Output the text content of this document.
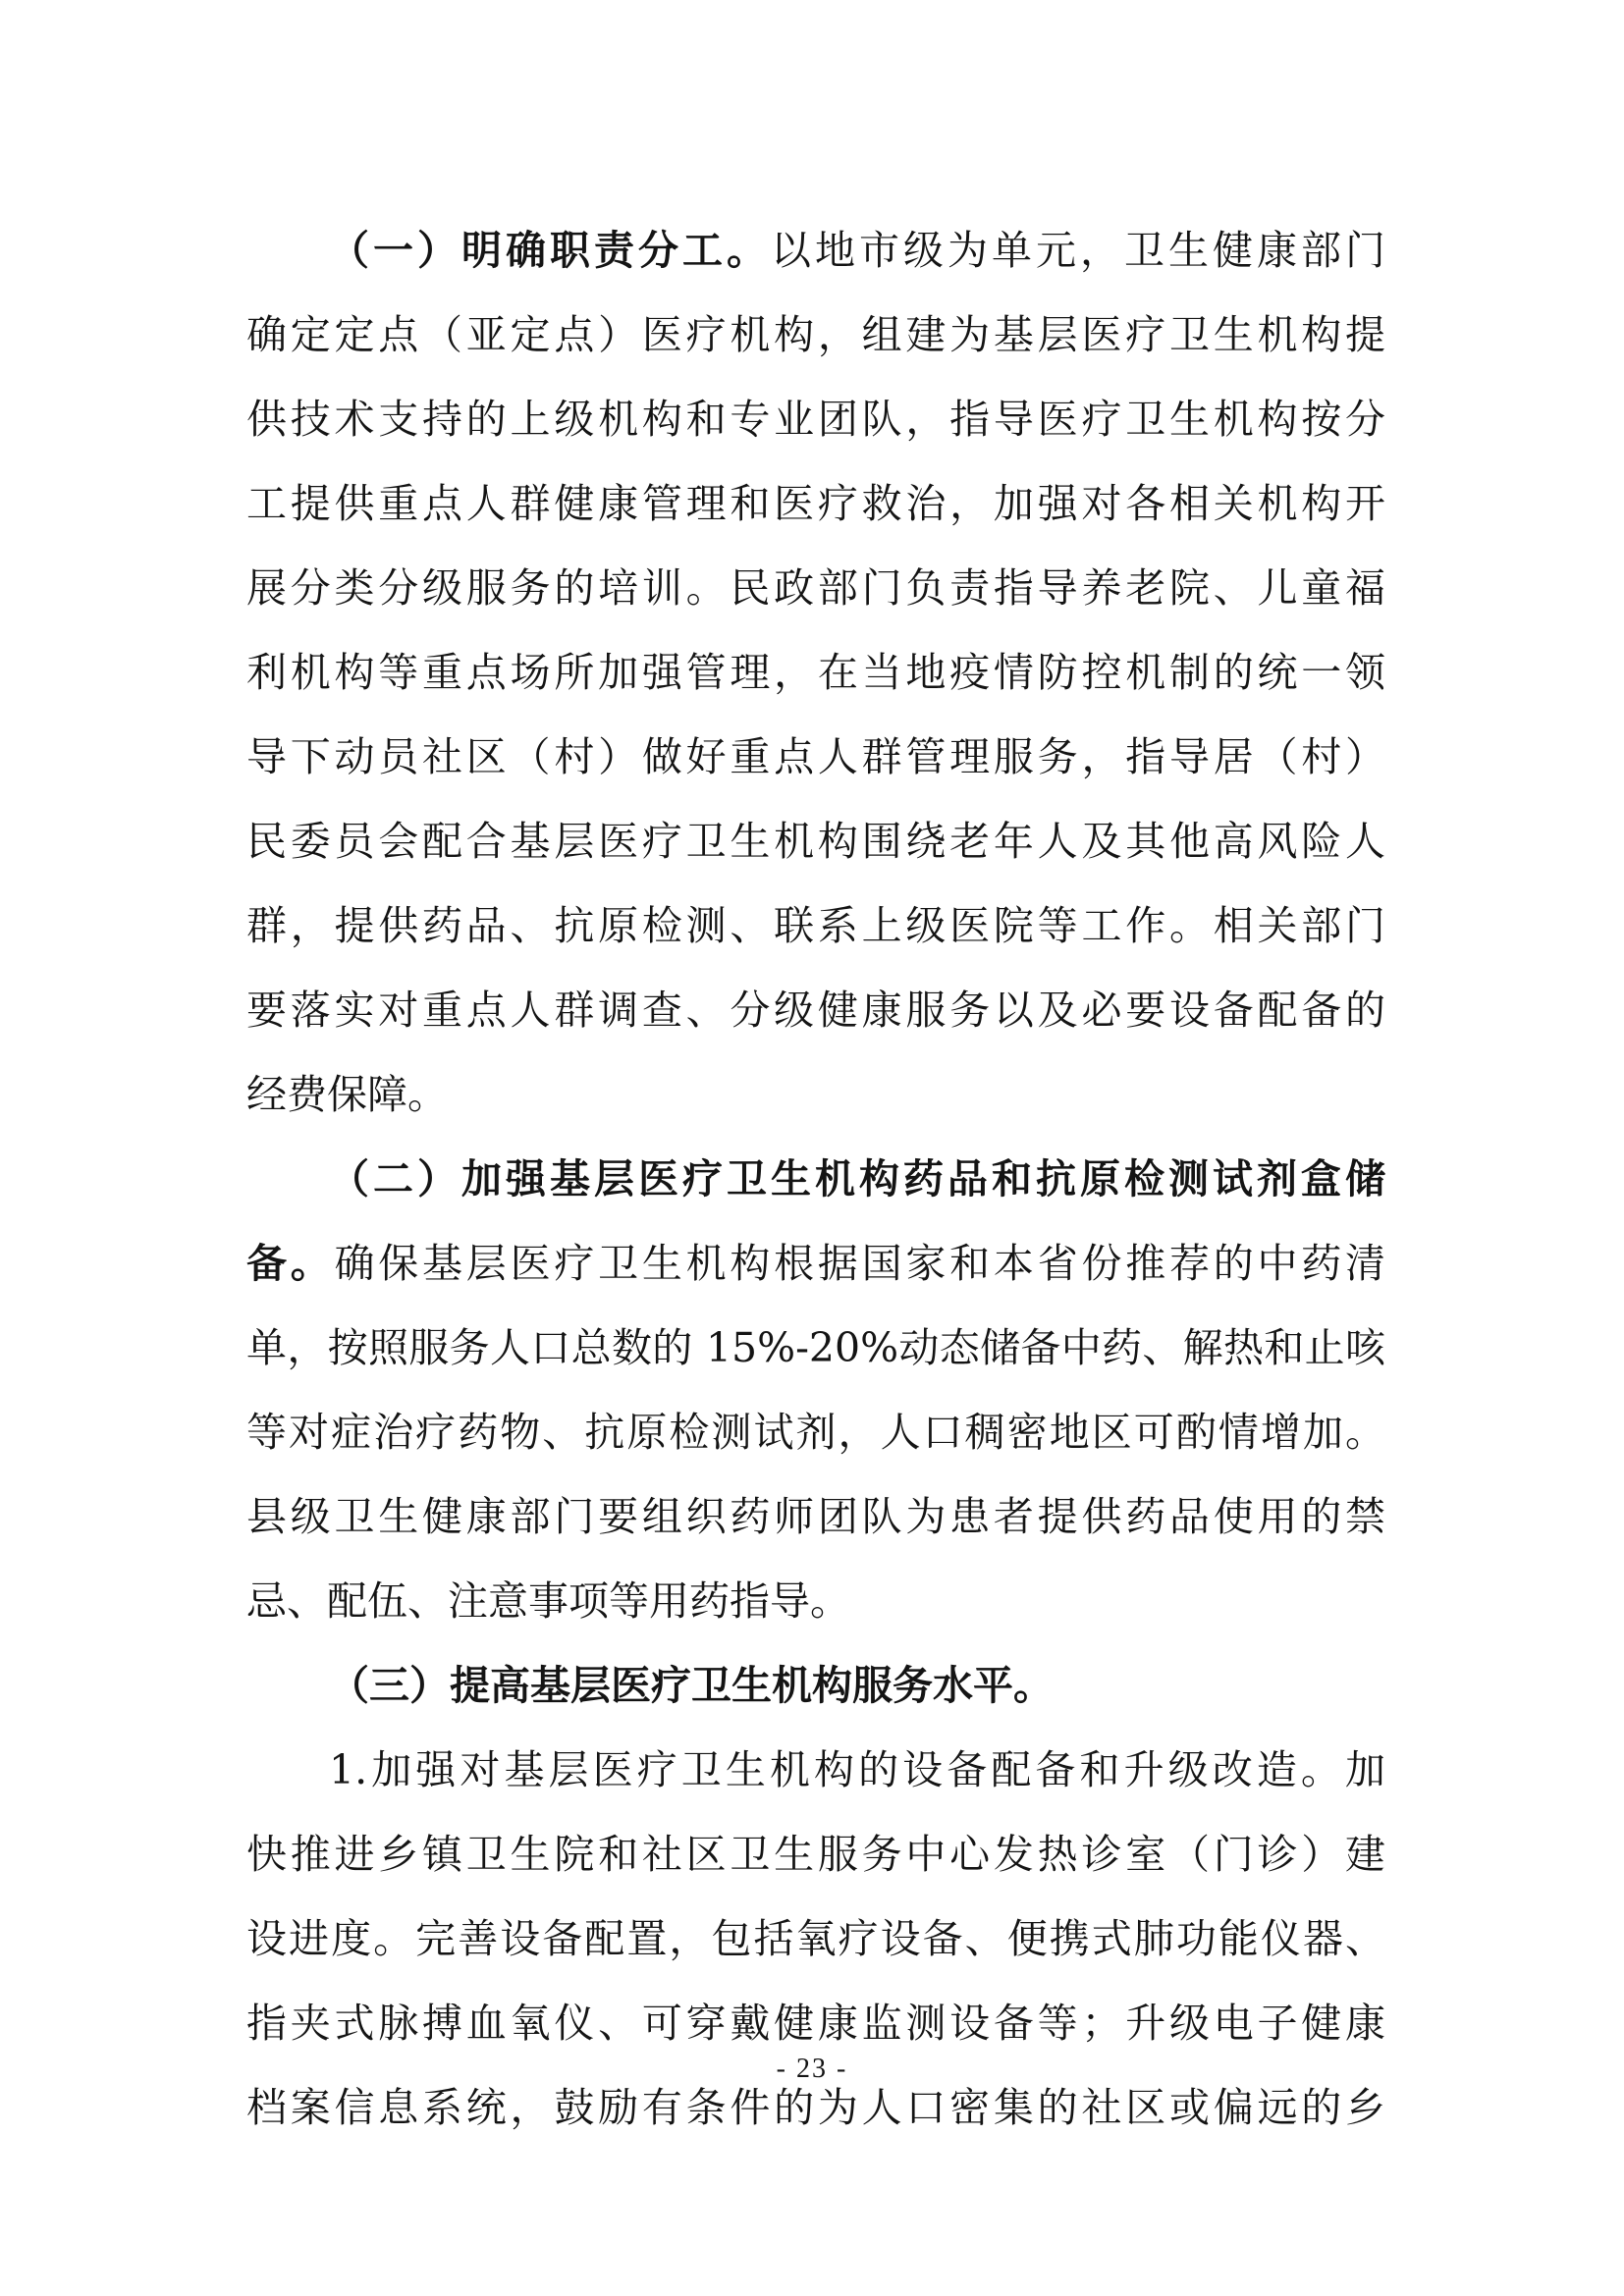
（一）明确职责分工。以地市级为单元，卫生健康部门
确定定点（亚定点）医疗机构，组建为基层医疗卫生机构提
供技术支持的上级机构和专业团队，指导医疗卫生机构按分
工提供重点人群健康管理和医疗救治，加强对各相关机构开
展分类分级服务的培训。民政部门负责指导养老院、儿童福
利机构等重点场所加强管理，在当地疫情防控机制的统一领
导下动员社区（村）做好重点人群管理服务，指导居（村）
民委员会配合基层医疗卫生机构围绕老年人及其他高风险人
群，提供药品、抗原检测、联系上级医院等工作。相关部门
要落实对重点人群调查、分级健康服务以及必要设备配备的
经费保障。
（二）加强基层医疗卫生机构药品和抗原检测试剂盒储
备。确保基层医疗卫生机构根据国家和本省份推荐的中药清
单，按照服务人口总数的 15%-20%动态储备中药、解热和止咳
等对症治疗药物、抗原检测试剂，人口稠密地区可酌情增加。
县级卫生健康部门要组织药师团队为患者提供药品使用的禁
忌、配伍、注意事项等用药指导。
（三）提高基层医疗卫生机构服务水平。
1.加强对基层医疗卫生机构的设备配备和升级改造。加
快推进乡镇卫生院和社区卫生服务中心发热诊室（门诊）建
设进度。完善设备配置，包括氧疗设备、便携式肺功能仪器、
指夹式脉搏血氧仪、可穿戴健康监测设备等；升级电子健康
档案信息系统，鼓励有条件的为人口密集的社区或偏远的乡
- 23 -
